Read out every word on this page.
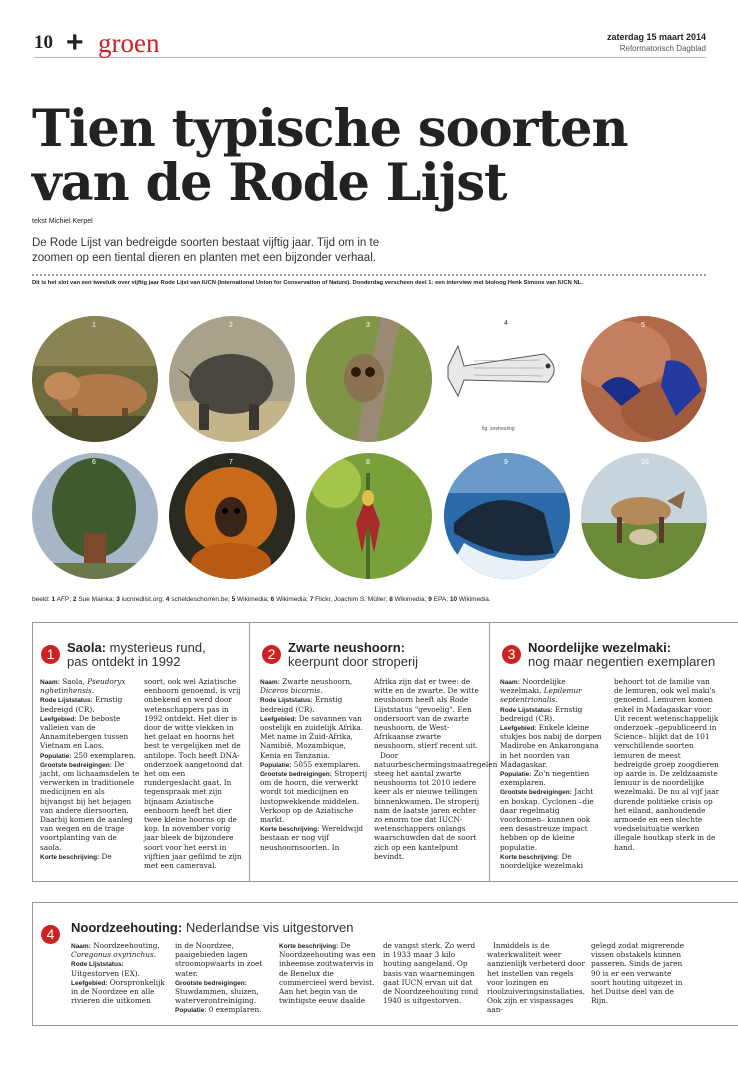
10 + groen	zaterdag 15 maart 2014
Reformatorisch Dagblad
Tien typische soorten
van de Rode Lijst
tekst Michiel Kerpel
De Rode Lijst van bedreigde soorten bestaat vijftig jaar. Tijd om in te zoomen op een tiental dieren en planten met een bijzonder verhaal.
Dit is het slot van een tweeluik over vijftig jaar Rode Lijst van IUCN (International Union for Conservation of Nature). Donderdag verscheen deel 1: een interview met bioloog Henk Simons van IUCN NL.
1	2	3	4
fig. zeehouting
5
6	7	8	9	10
beeld: 1 AFP; 2 Sue Mainka; 3 iucnredlist.org; 4 scheldeschorren.be; 5 Wikimedia; 6 Wikimedia; 7 Flickr, Joachim S. Müller; 8 Wikimedia; 9 EPA; 10 Wikimedia.
1 Saola: mysterieus rund,
pas ontdekt in 1992

Naam: Saola, Pseudoryx nghetinhensis.

Rode Lijststatus: Ernstig bedreigd (CR).

Leefgebied: De beboste valleien van de Annamitebergen tussen Vietnam en Laos.

Populatie: 250 exemplaren.

Grootste bedreigingen: De jacht, om lichaamsdelen te verwerken in traditionele medicijnen en als bijvangst bij het bejagen van andere diersoorten. Daarbij komen de aanleg van wegen en de trage voortplanting van de saola.

Korte beschrijving: De

soort, ook wel Aziatische eenhoorn genoemd, is vrij onbekend en werd door wetenschappers pas in 1992 ontdekt. Het dier is door de witte vlekken in het gelaat en hoorns het best te vergelijken met de antilope. Toch heeft DNA-onderzoek aangetoond dat het om een rundergeslacht gaat. In tegenspraak met zijn bijnaam Aziatische eenhoorn heeft het dier twee kleine hoorns op de kop. In november vorig jaar bleek de bijzondere soort voor het eerst in vijftien jaar gefilmd te zijn met een cameraval.
2 Zwarte neushoorn:
keerpunt door stroperij

Naam: Zwarte neushoorn, Diceros bicornis.

Rode Lijststatus: Ernstig bedreigd (CR).

Leefgebied: De savannen van oostelijk en zuidelijk Afrika. Met name in Zuid-Afrika, Namibië, Mozambique, Kenia en Tanzania.

Populatie: 5055 exemplaren.

Grootste bedreigingen: Stroperij om de hoorn, die verwerkt wordt tot medicijnen en lustopwekkende middelen. Verkoop op de Aziatische markt.

Korte beschrijving: Wereldwijd bestaan er nog vijf neushoornsoorten. In

Afrika zijn dat er twee: de witte en de zwarte. De witte neushoorn heeft als Rode Lijststatus "gevoelig". Een ondersoort van de zwarte neushoorn, de West-Afrikaanse zwarte neushoorn, stierf recent uit.

Door natuurbeschermingsmaatregelen steeg het aantal zwarte neushoorns tot 2010 iedere keer als er nieuwe tellingen binnenkwamen. De stroperij nam de laatste jaren echter zo enorm toe dat IUCN-wetenschappers onlangs waarschuwden dat de soort zich op een kantelpunt bevindt.

3 Noordelijke wezelmaki:
nog maar negentien exemplaren

Naam: Noordelijke wezelmaki, Lepilemur septentrionalis.

Rode Lijststatus: Ernstig bedreigd (CR).

Leefgebied: Enkele kleine stukjes bos nabij de dorpen Madirobe en Ankarongana in het noorden van Madagaskar.

Populatie: Zo'n negentien exemplaren.

Grootste bedreigingen: Jacht en boskap. Cyclonen –die daar regelmatig voorkomen– kunnen ook een desastreuze impact hebben op de kleine populatie.

Korte beschrijving: De noordelijke wezelmaki

behoort tot de familie van de lemuren, ook wel maki's genoemd. Lemuren komen enkel in Madagaskar voor. Uit recent wetenschappelijk onderzoek –gepubliceerd in Science– blijkt dat de 101 verschillende soorten lemuren de meest bedreigde groep zoogdieren op aarde is. De zeldzaamste lemuur is de noordelijke wezelmaki. De nu al vijf jaar durende politieke crisis op het eiland, aanhoudende armoede en een slechte voedselsituatie werken illegale houtkap sterk in de hand.
4	Noordzeehouting: Nederlandse vis uitgestorven

Naam: Noordzeehouting, Coregonus oxyrinchus.

Rode Lijststatus: Uitgestorven (EX).

Leefgebied: Oorspronkelijk in de Noordzee en alle rivieren die uitkomen

in de Noordzee, paaigebieden lagen stroomopwaarts in zoet water.

Grootste bedreigingen: Stuwdammen, sluizen, waterverontreiniging.

Populatie: 0 exemplaren.

Korte beschrijving: De Noordzeehouting was een inheemse zoutwatervis in de Benelux die commercieel werd bevist. Aan het begin van de twintigste eeuw daalde

de vangst sterk. Zo werd in 1933 maar 3 kilo houting aangeland. Op basis van waarnemingen gaat IUCN ervan uit dat de Noordzeehouting rond 1940 is uitgestorven.
Inmiddels is de waterkwaliteit weer aanzienlijk verbeterd door het instellen van regels voor lozingen en rioolzuiveringsinstallaties. Ook zijn er vispassages aan-
gelegd zodat migrerende vissen obstakels kunnen passeren. Sinds de jaren 90 is er een verwante soort houting uitgezet in het Duitse deel van de Rijn.
